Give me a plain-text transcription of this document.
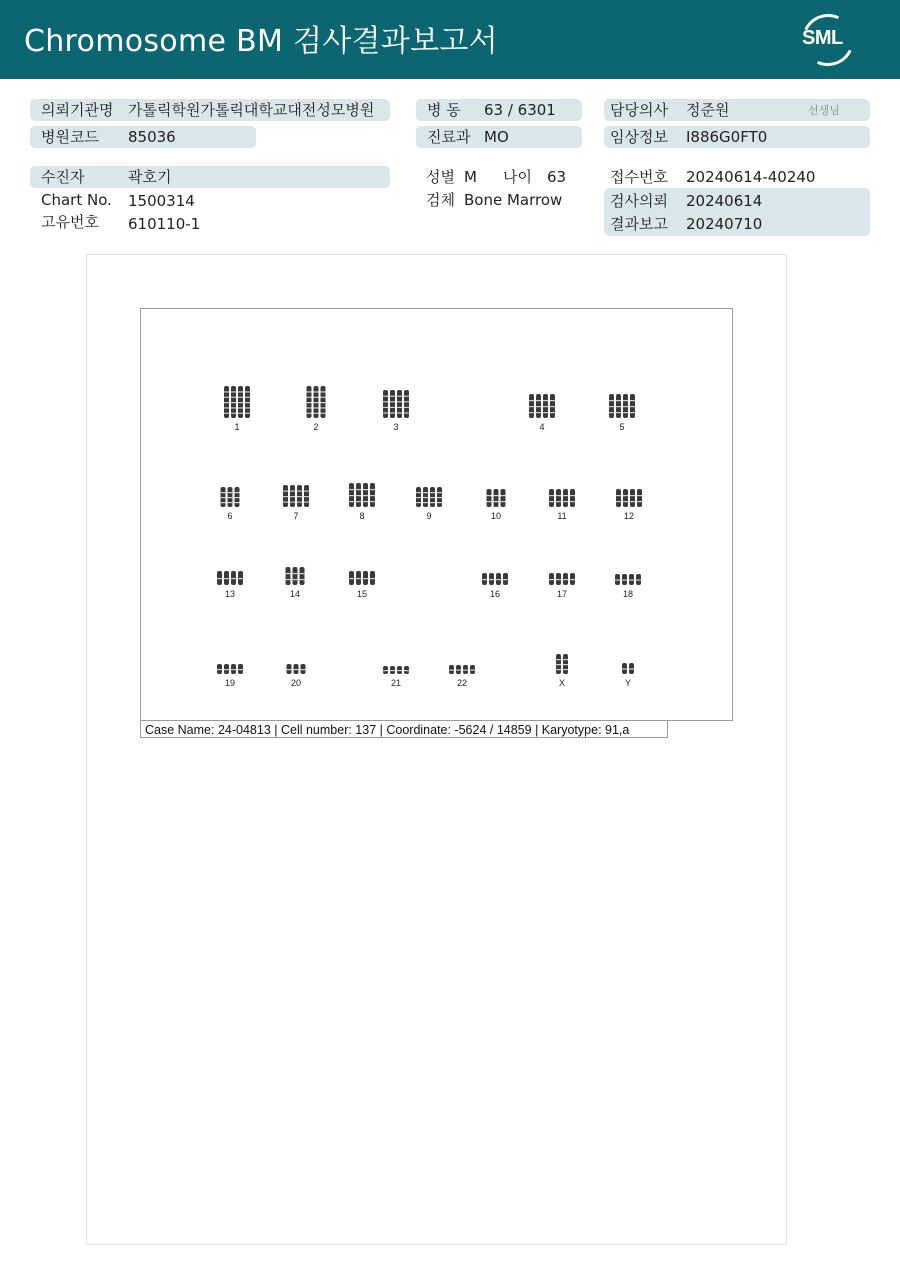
Chromosome BM 검사결과보고서	SML
의뢰기관명 가톨릭학원가톨릭대학교대전성모병원	병 동 63 / 6301	담당의사 정준원	선생님
병원코드 85036	진료과 MO	임상정보 I886G0FT0
수진자	곽호기	성별 M 나이 63	접수번호 20240614-40240
Chart No. 1500314	검체 Bone Marrow	검사의뢰 20240614
고유번호 610110-1	결과보고 20240710
1	2	3	4	5
6	7	8	9	10	11	12
13	14	15	16	17	18
19	20	21	22	X	Y
Case Name: 24-04813 | Cell number: 137 | Coordinate: -5624 / 14859 | Karyotype: 91,a
